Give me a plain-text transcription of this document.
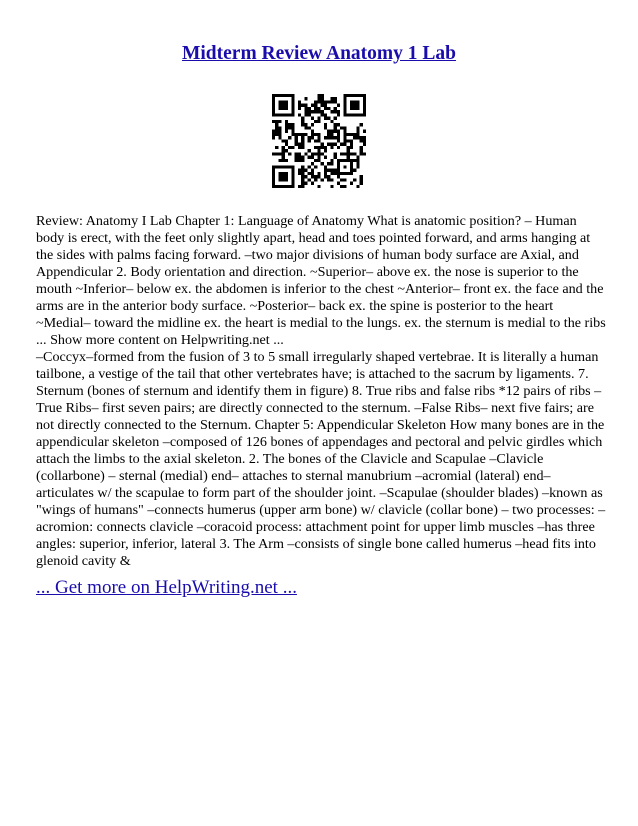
Midterm Review Anatomy 1 Lab

Review: Anatomy I Lab Chapter 1: Language of Anatomy What is anatomic position? – Human body is erect, with the feet only slightly apart, head and toes pointed forward, and arms hanging at the sides with palms facing forward. –two major divisions of human body surface are Axial, and Appendicular 2. Body orientation and direction. ~Superior– above ex. the nose is superior to the mouth ~Inferior– below ex. the abdomen is inferior to the chest ~Anterior– front ex. the face and the arms are in the anterior body surface. ~Posterior– back ex. the spine is posterior to the heart ~Medial– toward the midline ex. the heart is medial to the lungs. ex. the sternum is medial to the ribs ... Show more content on Helpwriting.net ...

–Coccyx–formed from the fusion of 3 to 5 small irregularly shaped vertebrae. It is literally a human tailbone, a vestige of the tail that other vertebrates have; is attached to the sacrum by ligaments. 7. Sternum (bones of sternum and identify them in figure) 8. True ribs and false ribs *12 pairs of ribs – True Ribs– first seven pairs; are directly connected to the sternum. –False Ribs– next five fairs; are not directly connected to the Sternum. Chapter 5: Appendicular Skeleton How many bones are in the appendicular skeleton –composed of 126 bones of appendages and pectoral and pelvic girdles which attach the limbs to the axial skeleton. 2. The bones of the Clavicle and Scapulae –Clavicle (collarbone) – sternal (medial) end– attaches to sternal manubrium –acromial (lateral) end– articulates w/ the scapulae to form part of the shoulder joint. –Scapulae (shoulder blades) –known as "wings of humans" –connects humerus (upper arm bone) w/ clavicle (collar bone) – two processes: –acromion: connects clavicle –coracoid process: attachment point for upper limb muscles –has three angles: superior, inferior, lateral 3. The Arm –consists of single bone called humerus –head fits into glenoid cavity &

... Get more on HelpWriting.net ...
